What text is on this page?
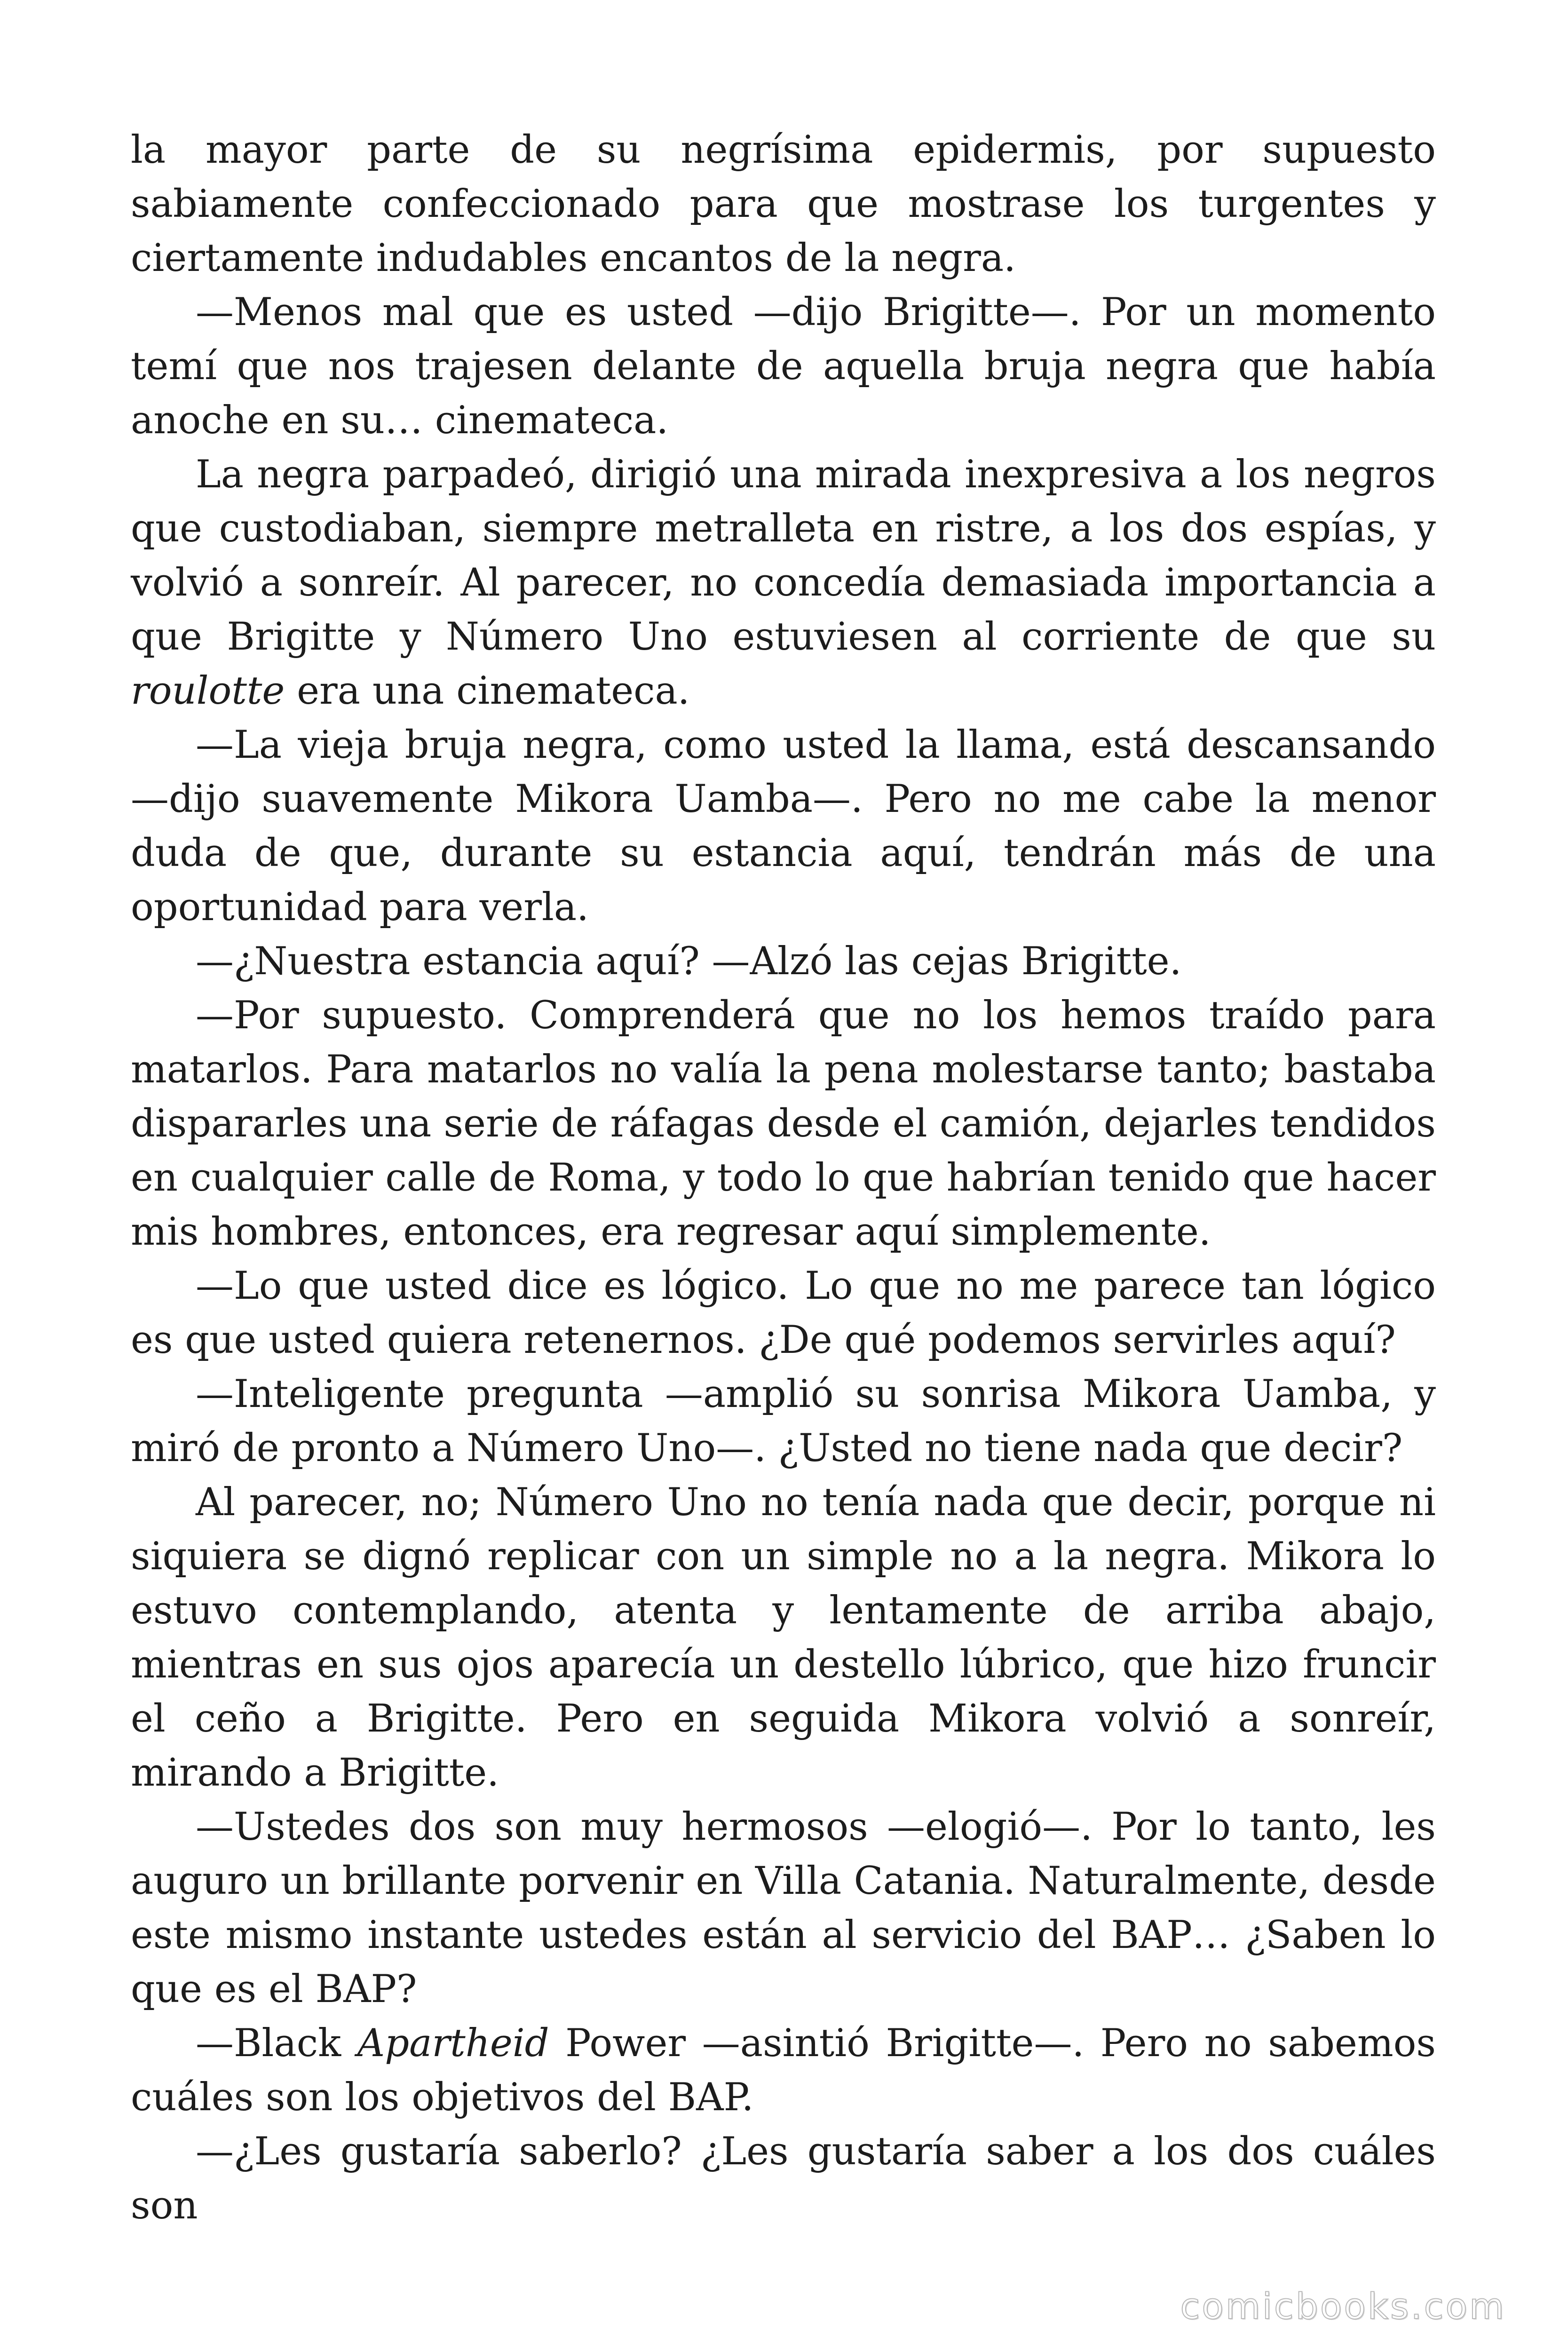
la mayor parte de su negrísima epidermis, por supuesto sabiamente confeccionado para que mostrase los turgentes y ciertamente indudables encantos de la negra.

—Menos mal que es usted —dijo Brigitte—. Por un momento temí que nos trajesen delante de aquella bruja negra que había anoche en su… cinemateca.

La negra parpadeó, dirigió una mirada inexpresiva a los negros que custodiaban, siempre metralleta en ristre, a los dos espías, y volvió a sonreír. Al parecer, no concedía demasiada importancia a que Brigitte y Número Uno estuviesen al corriente de que su roulotte era una cinemateca.

—La vieja bruja negra, como usted la llama, está descansando —dijo suavemente Mikora Uamba—. Pero no me cabe la menor duda de que, durante su estancia aquí, tendrán más de una oportunidad para verla.

—¿Nuestra estancia aquí? —Alzó las cejas Brigitte.

—Por supuesto. Comprenderá que no los hemos traído para matarlos. Para matarlos no valía la pena molestarse tanto; bastaba dispararles una serie de ráfagas desde el camión, dejarles tendidos en cualquier calle de Roma, y todo lo que habrían tenido que hacer mis hombres, entonces, era regresar aquí simplemente.

—Lo que usted dice es lógico. Lo que no me parece tan lógico es que usted quiera retenernos. ¿De qué podemos servirles aquí?

—Inteligente pregunta —amplió su sonrisa Mikora Uamba, y miró de pronto a Número Uno—. ¿Usted no tiene nada que decir?

Al parecer, no; Número Uno no tenía nada que decir, porque ni siquiera se dignó replicar con un simple no a la negra. Mikora lo estuvo contemplando, atenta y lentamente de arriba abajo, mientras en sus ojos aparecía un destello lúbrico, que hizo fruncir el ceño a Brigitte. Pero en seguida Mikora volvió a sonreír, mirando a Brigitte.

—Ustedes dos son muy hermosos —elogió—. Por lo tanto, les auguro un brillante porvenir en Villa Catania. Naturalmente, desde este mismo instante ustedes están al servicio del BAP… ¿Saben lo que es el BAP?

—Black Apartheid Power —asintió Brigitte—. Pero no sabemos cuáles son los objetivos del BAP.

—¿Les gustaría saberlo? ¿Les gustaría saber a los dos cuáles son

comicbooks.com
